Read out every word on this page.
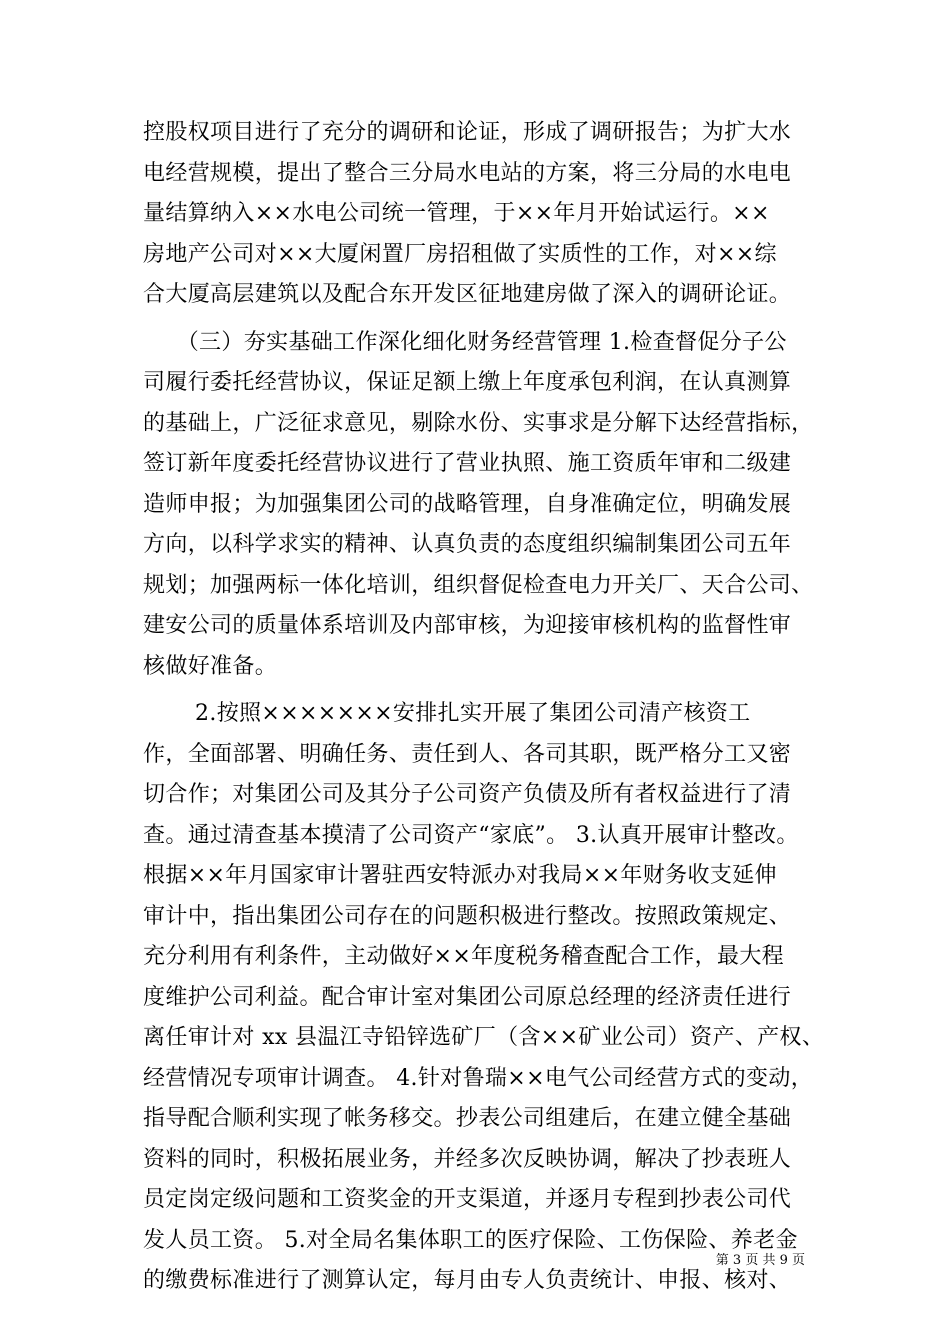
控股权项目进行了充分的调研和论证，形成了调研报告；为扩大水
电经营规模，提出了整合三分局水电站的方案，将三分局的水电电
量结算纳入××水电公司统一管理，于××年月开始试运行。××
房地产公司对××大厦闲置厂房招租做了实质性的工作，对××综
合大厦高层建筑以及配合东开发区征地建房做了深入的调研论证。
　　（三）夯实基础工作深化细化财务经营管理 1.检查督促分子公
司履行委托经营协议，保证足额上缴上年度承包利润，在认真测算
的基础上，广泛征求意见，剔除水份、实事求是分解下达经营指标，
签订新年度委托经营协议进行了营业执照、施工资质年审和二级建
造师申报；为加强集团公司的战略管理，自身准确定位，明确发展
方向，以科学求实的精神、认真负责的态度组织编制集团公司五年
规划；加强两标一体化培训，组织督促检查电力开关厂、天合公司、
建安公司的质量体系培训及内部审核，为迎接审核机构的监督性审
核做好准备。
　　 2.按照×××××××安排扎实开展了集团公司清产核资工
作，全面部署、明确任务、责任到人、各司其职，既严格分工又密
切合作；对集团公司及其分子公司资产负债及所有者权益进行了清
查。通过清查基本摸清了公司资产“家底”。 3.认真开展审计整改。
根据××年月国家审计署驻西安特派办对我局××年财务收支延伸
审计中，指出集团公司存在的问题积极进行整改。按照政策规定、
充分利用有利条件，主动做好××年度税务稽查配合工作，最大程
度维护公司利益。配合审计室对集团公司原总经理的经济责任进行
离任审计对 xx 县温江寺铅锌选矿厂（含××矿业公司）资产、产权、
经营情况专项审计调查。 4.针对鲁瑞××电气公司经营方式的变动，
指导配合顺利实现了帐务移交。抄表公司组建后，在建立健全基础
资料的同时，积极拓展业务，并经多次反映协调，解决了抄表班人
员定岗定级问题和工资奖金的开支渠道，并逐月专程到抄表公司代
发人员工资。 5.对全局名集体职工的医疗保险、工伤保险、养老金
的缴费标准进行了测算认定，每月由专人负责统计、申报、核对、
第 3 页 共 9 页
